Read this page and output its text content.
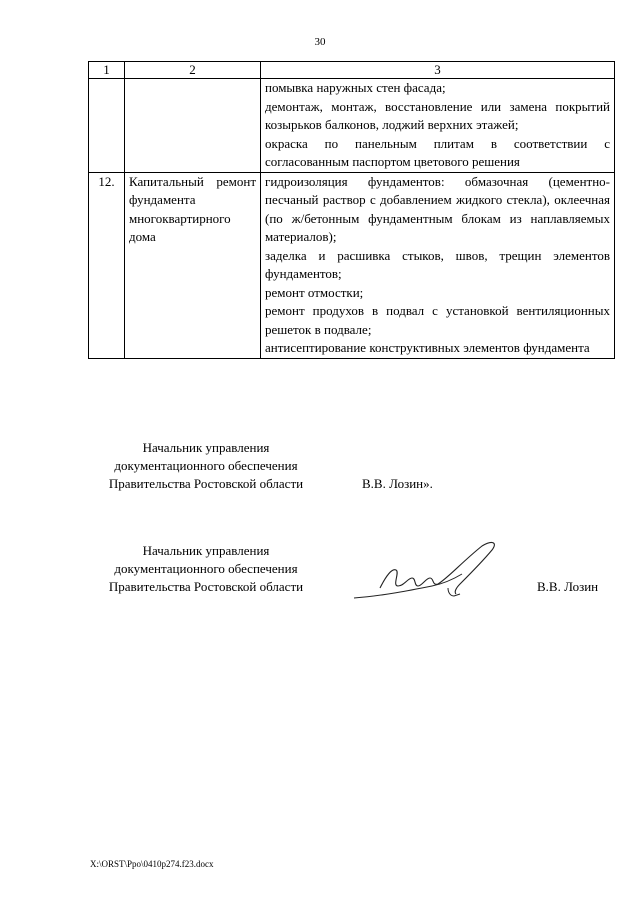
30
1	2	3

		помывка наружных стен фасада;
демонтаж, монтаж, восстановление или замена покрытий козырьков балконов, лоджий верхних этажей;
окраска по панельным плитам в соответствии с согласованным паспортом цветового решения

12.	Капитальный ремонт фундамента многоквартирного дома	гидроизоляция фундаментов: обмазочная (цементно-песчаный раствор с добавлением жидкого стекла), оклеечная (по ж/бетонным фундаментным блокам из наплавляемых материалов);
заделка и расшивка стыков, швов, трещин элементов фундаментов;
ремонт отмостки;
ремонт продухов в подвал с установкой вентиляционных решеток в подвале;
антисептирование конструктивных элементов фундамента
Начальник управления
документационного обеспечения
Правительства Ростовской области	В.В. Лозин».
Начальник управления
документационного обеспечения
Правительства Ростовской области	В.В. Лозин
X:\ORST\Ppo\0410p274.f23.docx
